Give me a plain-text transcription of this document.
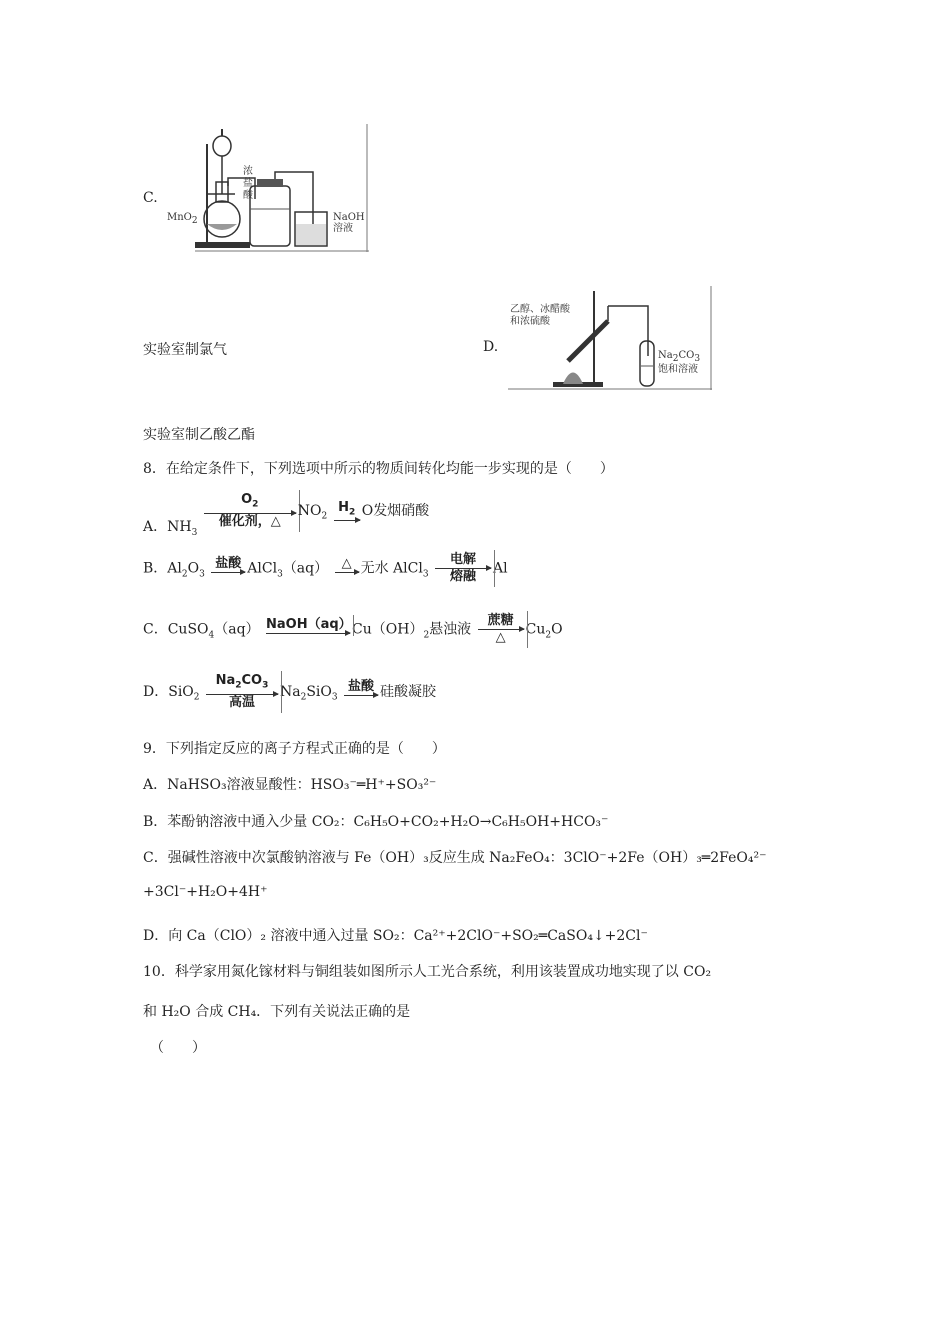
C.
浓盐酸
MnO$_2$	NaOH
溶液
实验室制氯气	D.
乙醇、冰醋酸
和浓硫酸
$Na_2CO_3$
饱和溶液
实验室制乙酸乙酯
8．在给定条件下，下列选项中所示的物质间转化均能一步实现的是（　　）
A．$NH_3$
$O_2$
催化剂，△
$NO_2$
$H_2$ O发烟硝酸
B．$Al_2O_3$
盐酸 AlCl$_3$（aq）	△ 无水 AlCl$_3$
电解
熔融	Al
C．CuSO$_4$（aq） NaOH（aq） $Cu(OH)_2$悬浊液
蔗糖
△	$Cu_2O$
D．SiO$_2$
$Na_2CO_3$
高温
$Na_2SiO_3$
盐酸 硅酸凝胶
9．下列指定反应的离子方程式正确的是（　　）
A．NaHSO₃溶液显酸性：HSO₃⁻═H⁺+SO₃²⁻
B．苯酚钠溶液中通入少量 CO₂：C₆H₅O+CO₂+H₂O→C₆H₅OH+HCO₃⁻
C．强碱性溶液中次氯酸钠溶液与 Fe（OH）₃反应生成 Na₂FeO₄：3ClO⁻+2Fe（OH）₃═2FeO₄²⁻
+3Cl⁻+H₂O+4H⁺
D．向 Ca（ClO）₂ 溶液中通入过量 SO₂：Ca²⁺+2ClO⁻+SO₂═CaSO₄↓+2Cl⁻
10．科学家用氮化镓材料与铜组装如图所示人工光合系统，利用该装置成功地实现了以 CO₂
和 H₂O 合成 CH₄．下列有关说法正确的是
（　　）
